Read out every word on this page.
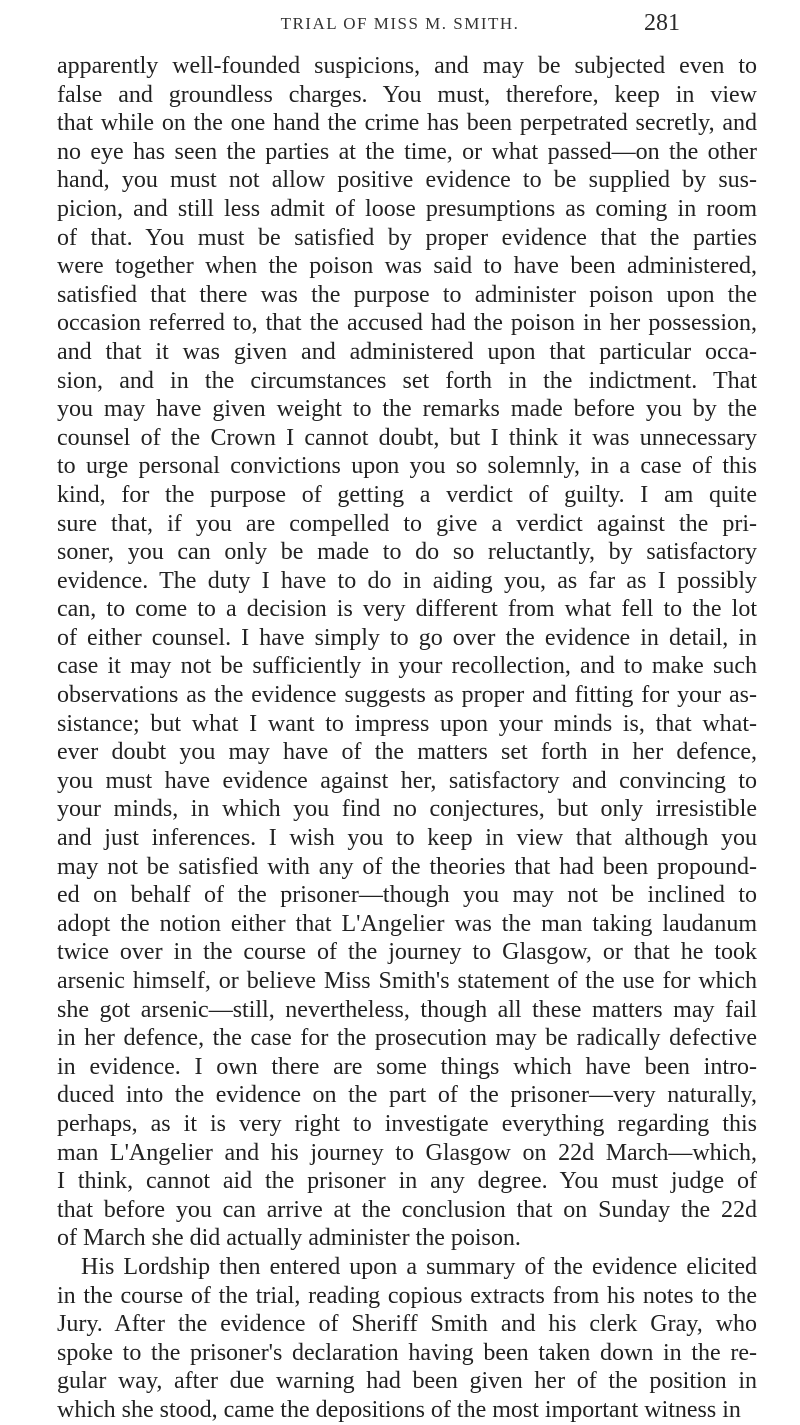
TRIAL OF MISS M. SMITH.	281
apparently well-founded suspicions, and may be subjected even to
false and groundless charges. You must, therefore, keep in view
that while on the one hand the crime has been perpetrated secretly, and
no eye has seen the parties at the time, or what passed—on the other
hand, you must not allow positive evidence to be supplied by sus-
picion, and still less admit of loose presumptions as coming in room
of that. You must be satisfied by proper evidence that the parties
were together when the poison was said to have been administered,
satisfied that there was the purpose to administer poison upon the
occasion referred to, that the accused had the poison in her possession,
and that it was given and administered upon that particular occa-
sion, and in the circumstances set forth in the indictment. That
you may have given weight to the remarks made before you by the
counsel of the Crown I cannot doubt, but I think it was unnecessary
to urge personal convictions upon you so solemnly, in a case of this
kind, for the purpose of getting a verdict of guilty. I am quite
sure that, if you are compelled to give a verdict against the pri-
soner, you can only be made to do so reluctantly, by satisfactory
evidence. The duty I have to do in aiding you, as far as I possibly
can, to come to a decision is very different from what fell to the lot
of either counsel. I have simply to go over the evidence in detail, in
case it may not be sufficiently in your recollection, and to make such
observations as the evidence suggests as proper and fitting for your as-
sistance; but what I want to impress upon your minds is, that what-
ever doubt you may have of the matters set forth in her defence,
you must have evidence against her, satisfactory and convincing to
your minds, in which you find no conjectures, but only irresistible
and just inferences. I wish you to keep in view that although you
may not be satisfied with any of the theories that had been propound-
ed on behalf of the prisoner—though you may not be inclined to
adopt the notion either that L'Angelier was the man taking laudanum
twice over in the course of the journey to Glasgow, or that he took
arsenic himself, or believe Miss Smith's statement of the use for which
she got arsenic—still, nevertheless, though all these matters may fail
in her defence, the case for the prosecution may be radically defective
in evidence. I own there are some things which have been intro-
duced into the evidence on the part of the prisoner—very naturally,
perhaps, as it is very right to investigate everything regarding this
man L'Angelier and his journey to Glasgow on 22d March—which,
I think, cannot aid the prisoner in any degree. You must judge of
that before you can arrive at the conclusion that on Sunday the 22d
of March she did actually administer the poison.
His Lordship then entered upon a summary of the evidence elicited
in the course of the trial, reading copious extracts from his notes to the
Jury. After the evidence of Sheriff Smith and his clerk Gray, who
spoke to the prisoner's declaration having been taken down in the re-
gular way, after due warning had been given her of the position in
which she stood, came the depositions of the most important witness in
